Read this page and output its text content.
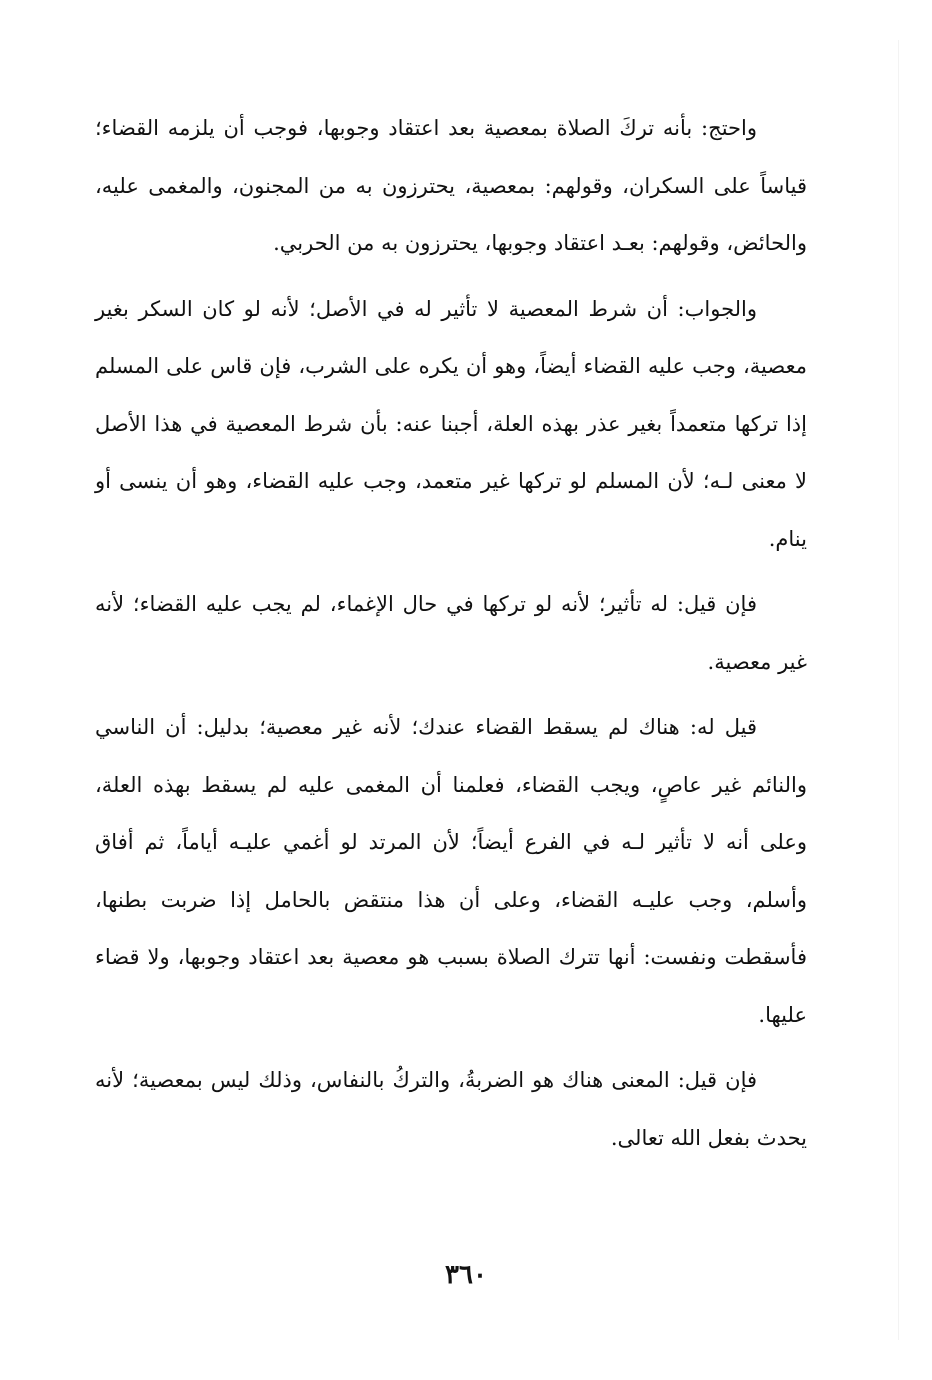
واحتج: بأنه تركَ الصلاة بمعصية بعد اعتقاد وجوبها، فوجب أن يلزمه القضاء؛ قياساً على السكران، وقولهم: بمعصية، يحترزون به من المجنون، والمغمى عليه، والحائض، وقولهم: بعـد اعتقاد وجوبها، يحترزون به من الحربي.

والجواب: أن شرط المعصية لا تأثير له في الأصل؛ لأنه لو كان السكر بغير معصية، وجب عليه القضاء أيضاً، وهو أن يكره على الشرب، فإن قاس على المسلم إذا تركها متعمداً بغير عذر بهذه العلة، أجبنا عنه: بأن شرط المعصية في هذا الأصل لا معنى لـه؛ لأن المسلم لو تركها غير متعمد، وجب عليه القضاء، وهو أن ينسى أو ينام.

فإن قيل: له تأثير؛ لأنه لو تركها في حال الإغماء، لم يجب عليه القضاء؛ لأنه غير معصية.

قيل له: هناك لم يسقط القضاء عندك؛ لأنه غير معصية؛ بدليل: أن الناسي والنائم غير عاصٍ، ويجب القضاء، فعلمنا أن المغمى عليه لم يسقط بهذه العلة، وعلى أنه لا تأثير لـه في الفرع أيضاً؛ لأن المرتد لو أغمي عليـه أياماً، ثم أفاق وأسلم، وجب عليـه القضاء، وعلى أن هذا منتقض بالحامل إذا ضربت بطنها، فأسقطت ونفست: أنها تترك الصلاة بسبب هو معصية بعد اعتقاد وجوبها، ولا قضاء عليها.

فإن قيل: المعنى هناك هو الضربةُ، والتركُ بالنفاس، وذلك ليس بمعصية؛ لأنه يحدث بفعل الله تعالى.

٣٦٠
